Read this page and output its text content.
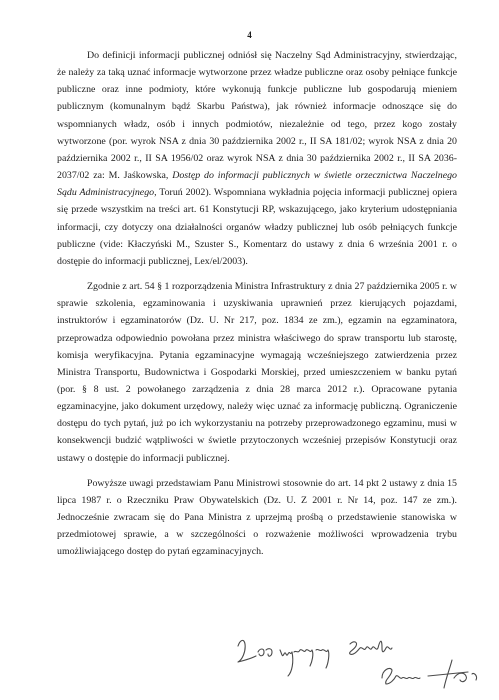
4

Do definicji informacji publicznej odniósł się Naczelny Sąd Administracyjny, stwierdzając, że należy za taką uznać informacje wytworzone przez władze publiczne oraz osoby pełniące funkcje publiczne oraz inne podmioty, które wykonują funkcje publiczne lub gospodarują mieniem publicznym (komunalnym bądź Skarbu Państwa), jak również informacje odnoszące się do wspomnianych władz, osób i innych podmiotów, niezależnie od tego, przez kogo zostały wytworzone (por. wyrok NSA z dnia 30 października 2002 r., II SA 181/02; wyrok NSA z dnia 20 października 2002 r., II SA 1956/02 oraz wyrok NSA z dnia 30 października 2002 r., II SA 2036-2037/02 za: M. Jaśkowska, Dostęp do informacji publicznych w świetle orzecznictwa Naczelnego Sądu Administracyjnego, Toruń 2002). Wspomniana wykładnia pojęcia informacji publicznej opiera się przede wszystkim na treści art. 61 Konstytucji RP, wskazującego, jako kryterium udostępniania informacji, czy dotyczy ona działalności organów władzy publicznej lub osób pełniących funkcje publiczne (vide: Kłaczyński M., Szuster S., Komentarz do ustawy z dnia 6 września 2001 r. o dostępie do informacji publicznej, Lex/el/2003).

Zgodnie z art. 54 § 1 rozporządzenia Ministra Infrastruktury z dnia 27 października 2005 r. w sprawie szkolenia, egzaminowania i uzyskiwania uprawnień przez kierujących pojazdami, instruktorów i egzaminatorów (Dz. U. Nr 217, poz. 1834 ze zm.), egzamin na egzaminatora, przeprowadza odpowiednio powołana przez ministra właściwego do spraw transportu lub starostę, komisja weryfikacyjna. Pytania egzaminacyjne wymagają wcześniejszego zatwierdzenia przez Ministra Transportu, Budownictwa i Gospodarki Morskiej, przed umieszczeniem w banku pytań (por. § 8 ust. 2 powołanego zarządzenia z dnia 28 marca 2012 r.). Opracowane pytania egzaminacyjne, jako dokument urzędowy, należy więc uznać za informację publiczną. Ograniczenie dostępu do tych pytań, już po ich wykorzystaniu na potrzeby przeprowadzonego egzaminu, musi w konsekwencji budzić wątpliwości w świetle przytoczonych wcześniej przepisów Konstytucji oraz ustawy o dostępie do informacji publicznej.

Powyższe uwagi przedstawiam Panu Ministrowi stosownie do art. 14 pkt 2 ustawy z dnia 15 lipca 1987 r. o Rzeczniku Praw Obywatelskich (Dz. U. Z 2001 r. Nr 14, poz. 147 ze zm.). Jednocześnie zwracam się do Pana Ministra z uprzejmą prośbą o przedstawienie stanowiska w przedmiotowej sprawie, a w szczególności o rozważenie możliwości wprowadzenia trybu umożliwiającego dostęp do pytań egzaminacyjnych.
